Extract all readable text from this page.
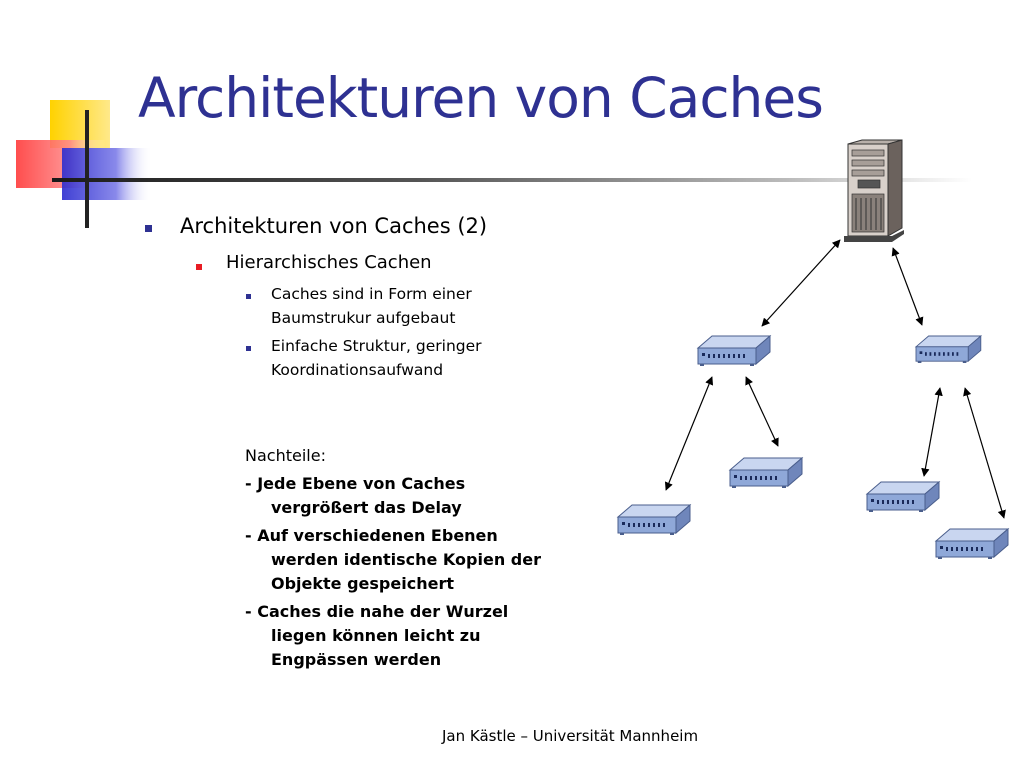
Architekturen von Caches
Architekturen von Caches (2)
Hierarchisches Cachen
Caches sind in Form einer Baumstrukur aufgebaut
Einfache Struktur, geringer Koordinationsaufwand

Nachteile:

- Jede Ebene von Caches vergrößert das Delay

- Auf verschiedenen Ebenen werden identische Kopien der Objekte gespeichert

- Caches die nahe der Wurzel liegen können leicht zu Engpässen werden

Jan Kästle – Universität Mannheim
